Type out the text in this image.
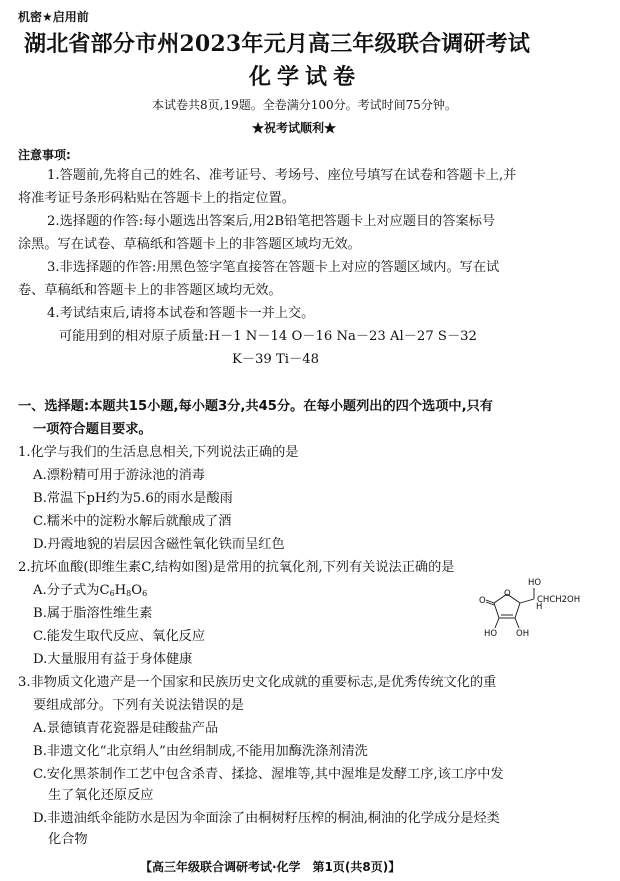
机密★启用前
湖北省部分市州2023年元月高三年级联合调研考试
化学试卷
本试卷共8页,19题。全卷满分100分。考试时间75分钟。
★祝考试顺利★
注意事项:
1.答题前,先将自己的姓名、准考证号、考场号、座位号填写在试卷和答题卡上,并
将准考证号条形码粘贴在答题卡上的指定位置。
2.选择题的作答:每小题选出答案后,用2B铅笔把答题卡上对应题目的答案标号
涂黑。写在试卷、草稿纸和答题卡上的非答题区域均无效。
3.非选择题的作答:用黑色签字笔直接答在答题卡上对应的答题区域内。写在试
卷、草稿纸和答题卡上的非答题区域均无效。
4.考试结束后,请将本试卷和答题卡一并上交。
可能用到的相对原子质量:H－1 N－14 O－16 Na－23 Al－27 S－32
K－39 Ti－48
一、选择题:本题共15小题,每小题3分,共45分。在每小题列出的四个选项中,只有
一项符合题目要求。
1.化学与我们的生活息息相关,下列说法正确的是
A.漂粉精可用于游泳池的消毒
B.常温下pH约为5.6的雨水是酸雨
C.糯米中的淀粉水解后就酿成了酒
D.丹霞地貌的岩层因含磁性氧化铁而呈红色
2.抗坏血酸(即维生素C,结构如图)是常用的抗氧化剂,下列有关说法正确的是
A.分子式为$C_6H_8O_6$
B.属于脂溶性维生素
C.能发生取代反应、氧化反应
D.大量服用有益于身体健康
HO
H
CHCH2OH
O
O
HO OH
3.非物质文化遗产是一个国家和民族历史文化成就的重要标志,是优秀传统文化的重
要组成部分。下列有关说法错误的是
A.景德镇青花瓷器是硅酸盐产品
B.非遗文化“北京绢人”由丝绢制成,不能用加酶洗涤剂清洗
C.安化黑茶制作工艺中包含杀青、揉捻、渥堆等,其中渥堆是发酵工序,该工序中发
生了氧化还原反应
D.非遗油纸伞能防水是因为伞面涂了由桐树籽压榨的桐油,桐油的化学成分是烃类
化合物
【高三年级联合调研考试·化学　第1页(共8页)】
